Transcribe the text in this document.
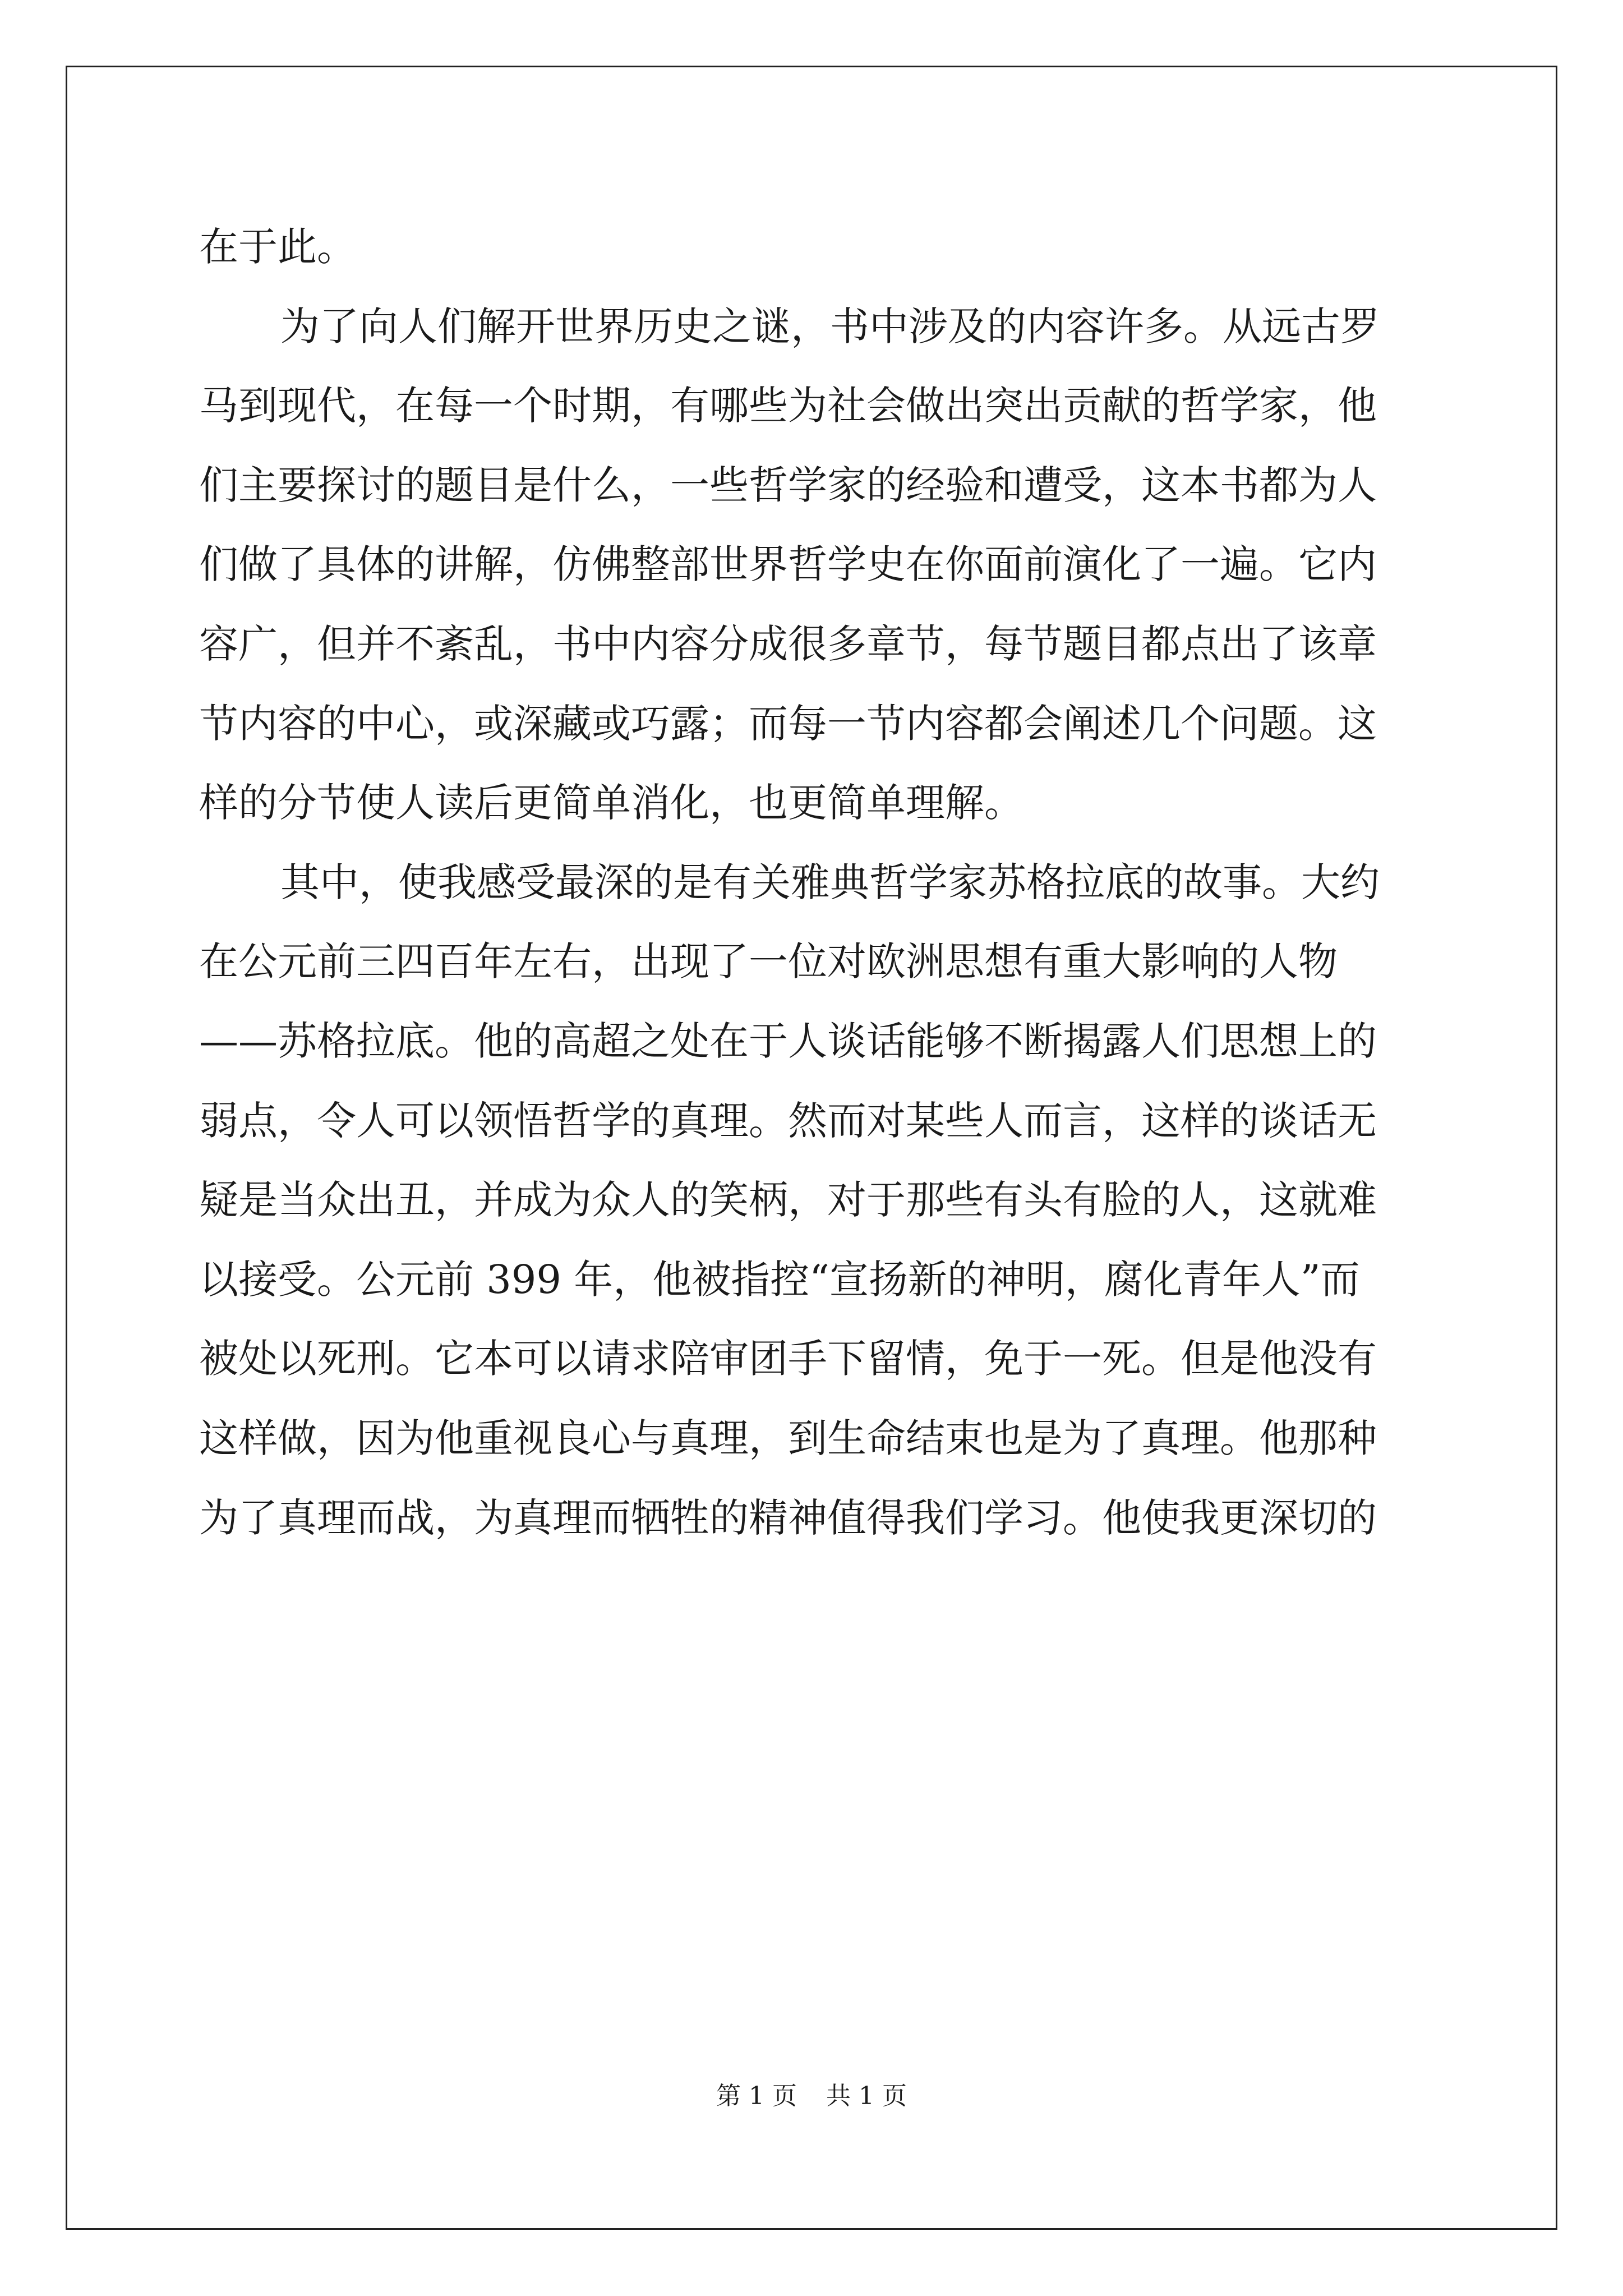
在于此。
为了向人们解开世界历史之谜，书中涉及的内容许多。从远古罗
马到现代，在每一个时期，有哪些为社会做出突出贡献的哲学家，他
们主要探讨的题目是什么，一些哲学家的经验和遭受，这本书都为人
们做了具体的讲解，仿佛整部世界哲学史在你面前演化了一遍。它内
容广，但并不紊乱，书中内容分成很多章节，每节题目都点出了该章
节内容的中心，或深藏或巧露；而每一节内容都会阐述几个问题。这
样的分节使人读后更简单消化，也更简单理解。
其中，使我感受最深的是有关雅典哲学家苏格拉底的故事。大约
在公元前三四百年左右，出现了一位对欧洲思想有重大影响的人物
——苏格拉底。他的高超之处在于人谈话能够不断揭露人们思想上的
弱点，令人可以领悟哲学的真理。然而对某些人而言，这样的谈话无
疑是当众出丑，并成为众人的笑柄，对于那些有头有脸的人，这就难
以接受。公元前 399 年，他被指控“宣扬新的神明，腐化青年人”而
被处以死刑。它本可以请求陪审团手下留情，免于一死。但是他没有
这样做，因为他重视良心与真理，到生命结束也是为了真理。他那种
为了真理而战，为真理而牺牲的精神值得我们学习。他使我更深切的
第 1 页 共 1 页
